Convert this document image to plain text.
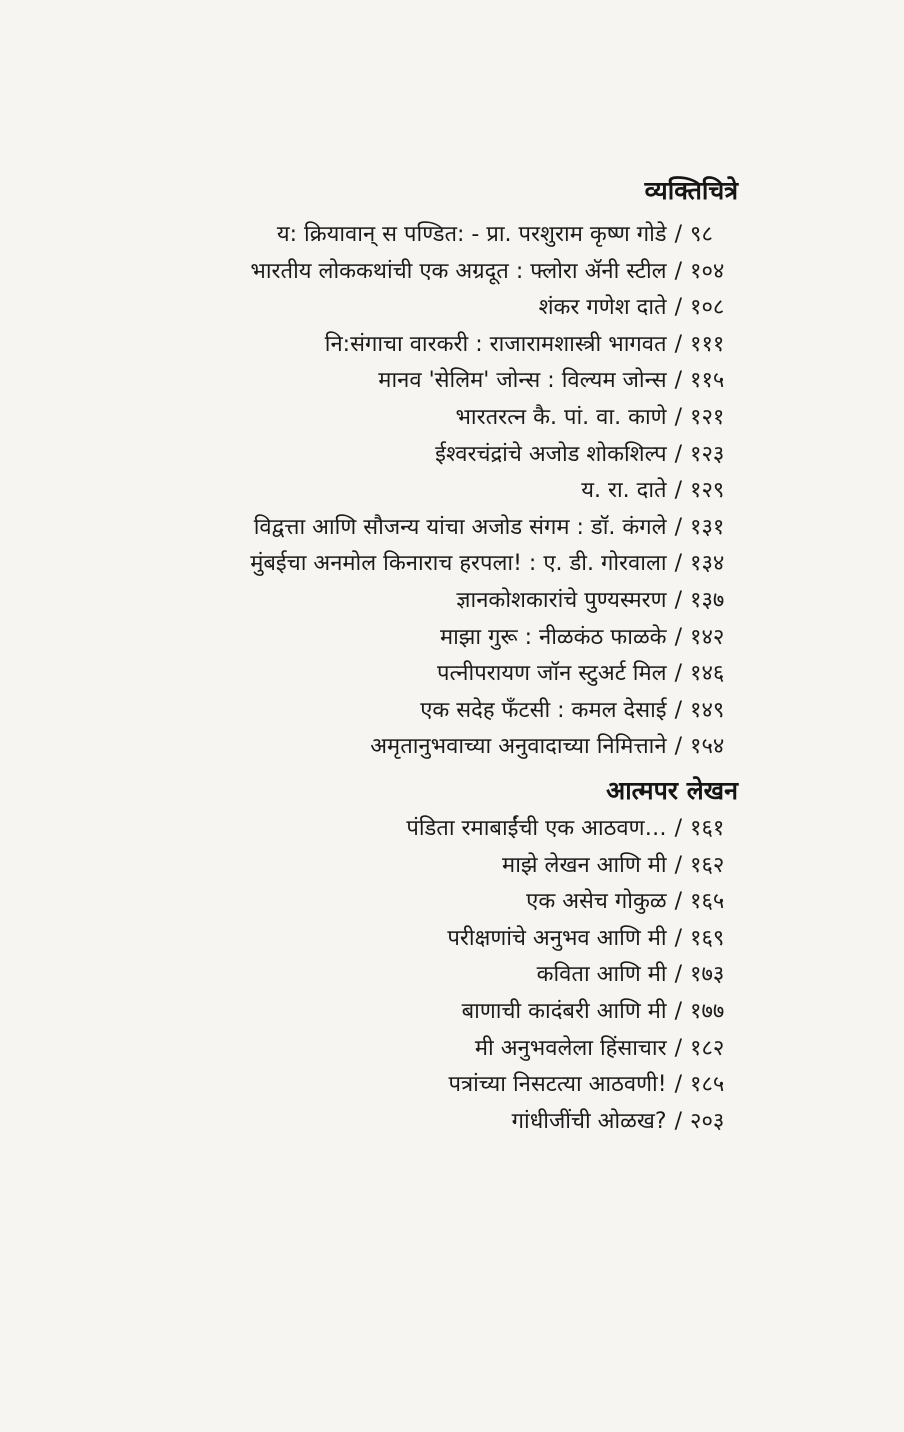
व्यक्तिचित्रे
य: क्रियावान् स पण्डित: - प्रा. परशुराम कृष्ण गोडे / ९८
भारतीय लोककथांची एक अग्रदूत : फ्लोरा ॲनी स्टील / १०४
शंकर गणेश दाते / १०८
नि:संगाचा वारकरी : राजारामशास्त्री भागवत / १११
मानव 'सेलिम' जोन्स : विल्यम जोन्स / ११५
भारतरत्न कै. पां. वा. काणे / १२१
ईश्वरचंद्रांचे अजोड शोकशिल्प / १२३
य. रा. दाते / १२९
विद्वत्ता आणि सौजन्य यांचा अजोड संगम : डॉ. कंगले / १३१
मुंबईचा अनमोल किनाराच हरपला! : ए. डी. गोरवाला / १३४
ज्ञानकोशकारांचे पुण्यस्मरण / १३७
माझा गुरू : नीळकंठ फाळके / १४२
पत्नीपरायण जॉन स्टुअर्ट मिल / १४६
एक सदेह फँटसी : कमल देसाई / १४९
अमृतानुभवाच्या अनुवादाच्या निमित्ताने / १५४
आत्मपर लेखन
पंडिता रमाबाईंची एक आठवण… / १६१
माझे लेखन आणि मी / १६२
एक असेच गोकुळ / १६५
परीक्षणांचे अनुभव आणि मी / १६९
कविता आणि मी / १७३
बाणाची कादंबरी आणि मी / १७७
मी अनुभवलेला हिंसाचार / १८२
पत्रांच्या निसटत्या आठवणी! / १८५
गांधीजींची ओळख? / २०३
